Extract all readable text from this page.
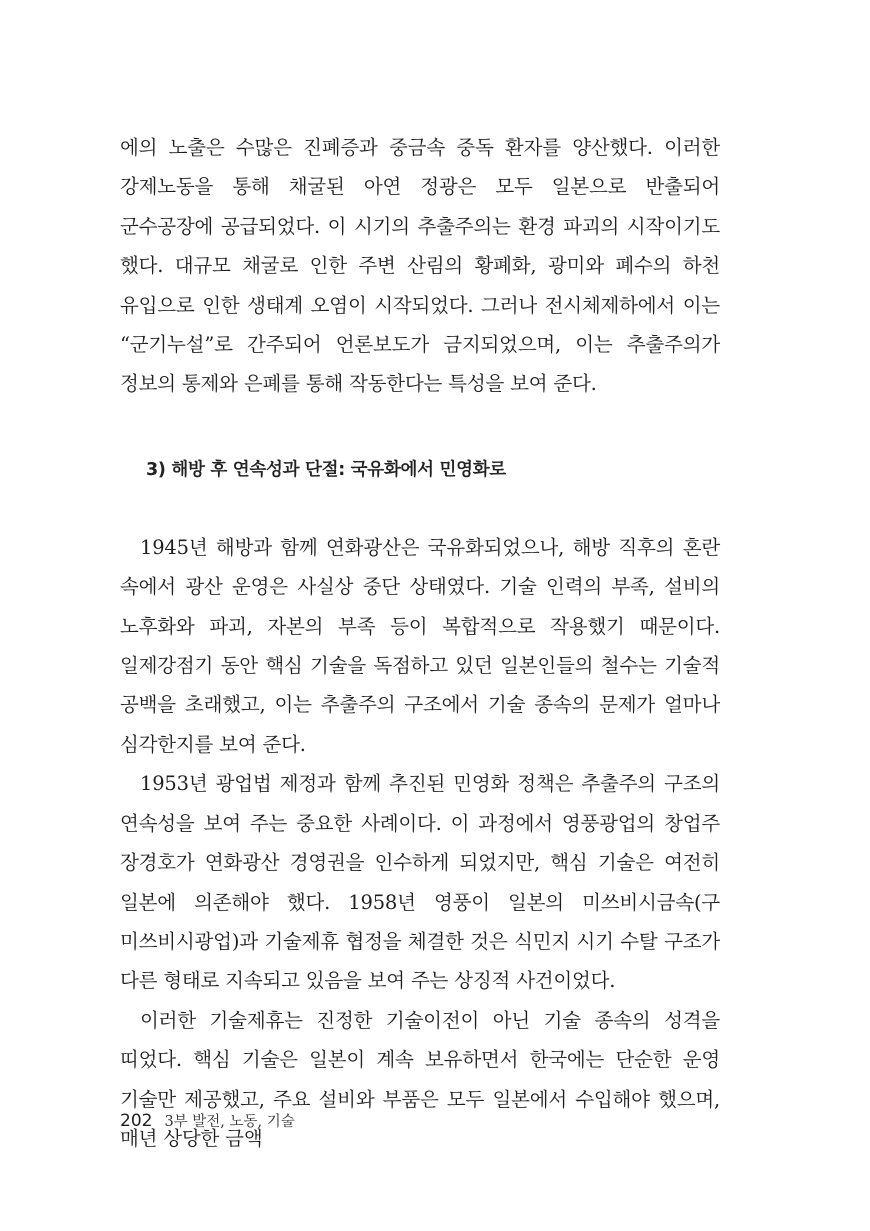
에의 노출은 수많은 진폐증과 중금속 중독 환자를 양산했다. 이러한 강제노동을 통해 채굴된 아연 정광은 모두 일본으로 반출되어 군수공장에 공급되었다. 이 시기의 추출주의는 환경 파괴의 시작이기도 했다. 대규모 채굴로 인한 주변 산림의 황폐화, 광미와 폐수의 하천 유입으로 인한 생태계 오염이 시작되었다. 그러나 전시체제하에서 이는 “군기누설”로 간주되어 언론보도가 금지되었으며, 이는 추출주의가 정보의 통제와 은폐를 통해 작동한다는 특성을 보여 준다.

3) 해방 후 연속성과 단절: 국유화에서 민영화로

1945년 해방과 함께 연화광산은 국유화되었으나, 해방 직후의 혼란 속에서 광산 운영은 사실상 중단 상태였다. 기술 인력의 부족, 설비의 노후화와 파괴, 자본의 부족 등이 복합적으로 작용했기 때문이다. 일제강점기 동안 핵심 기술을 독점하고 있던 일본인들의 철수는 기술적 공백을 초래했고, 이는 추출주의 구조에서 기술 종속의 문제가 얼마나 심각한지를 보여 준다.

1953년 광업법 제정과 함께 추진된 민영화 정책은 추출주의 구조의 연속성을 보여 주는 중요한 사례이다. 이 과정에서 영풍광업의 창업주 장경호가 연화광산 경영권을 인수하게 되었지만, 핵심 기술은 여전히 일본에 의존해야 했다. 1958년 영풍이 일본의 미쓰비시금속(구 미쓰비시광업)과 기술제휴 협정을 체결한 것은 식민지 시기 수탈 구조가 다른 형태로 지속되고 있음을 보여 주는 상징적 사건이었다.

이러한 기술제휴는 진정한 기술이전이 아닌 기술 종속의 성격을 띠었다. 핵심 기술은 일본이 계속 보유하면서 한국에는 단순한 운영 기술만 제공했고, 주요 설비와 부품은 모두 일본에서 수입해야 했으며, 매년 상당한 금액

202 3부 발전, 노동, 기술
